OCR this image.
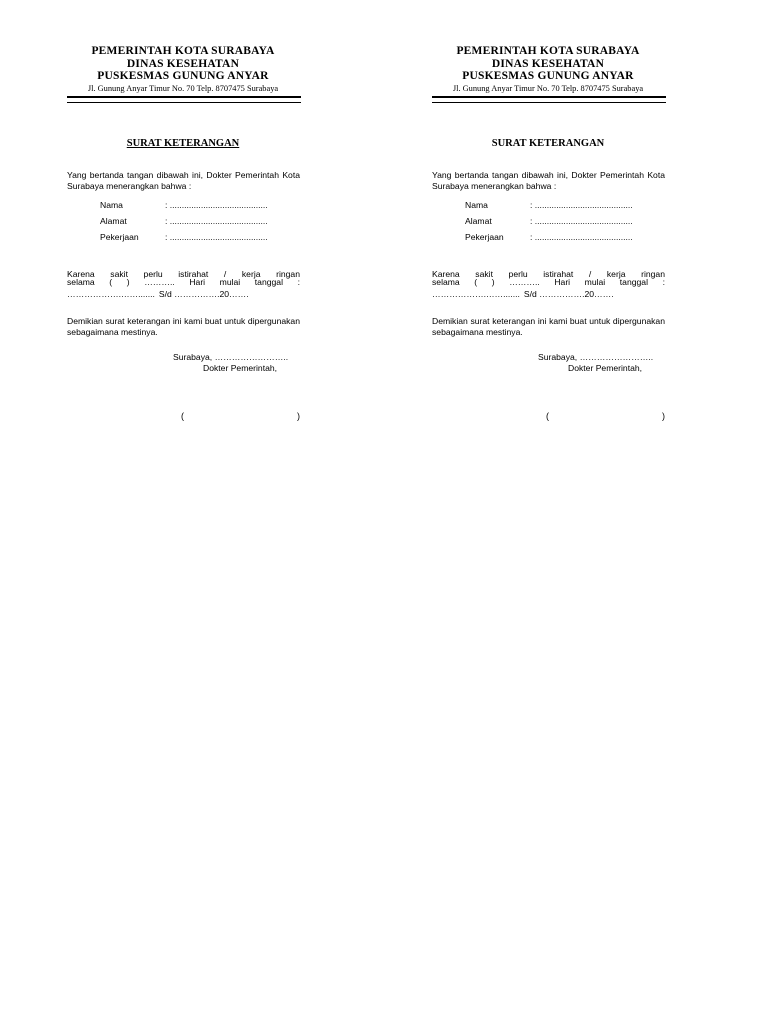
PEMERINTAH KOTA SURABAYA
DINAS KESEHATAN
PUSKESMAS GUNUNG ANYAR
Jl. Gunung Anyar Timur No. 70 Telp. 8707475 Surabaya
SURAT KETERANGAN

Yang bertanda tangan dibawah ini, Dokter Pemerintah Kota Surabaya menerangkan bahwa :

Nama	: .........................................
Alamat	: .........................................
Pekerjaan	: .........................................
Karena sakit perlu istirahat / kerja ringan
selama ( ) ……….. Hari mulai tanggal :
……………….……....... S/d …………….20…….

Demikian surat keterangan ini kami buat untuk dipergunakan sebagaimana mestinya.

Surabaya, ……………………..
Dokter Pemerintah,
(	)
PEMERINTAH KOTA SURABAYA
DINAS KESEHATAN
PUSKESMAS GUNUNG ANYAR
Jl. Gunung Anyar Timur No. 70 Telp. 8707475 Surabaya
SURAT KETERANGAN

Yang bertanda tangan dibawah ini, Dokter Pemerintah Kota Surabaya menerangkan bahwa :

Nama	: .........................................
Alamat	: .........................................
Pekerjaan	: .........................................
Karena sakit perlu istirahat / kerja ringan
selama ( ) ……….. Hari mulai tanggal :
……………….……....... S/d …………….20…….

Demikian surat keterangan ini kami buat untuk dipergunakan sebagaimana mestinya.

Surabaya, ……………………..
Dokter Pemerintah,
(	)
